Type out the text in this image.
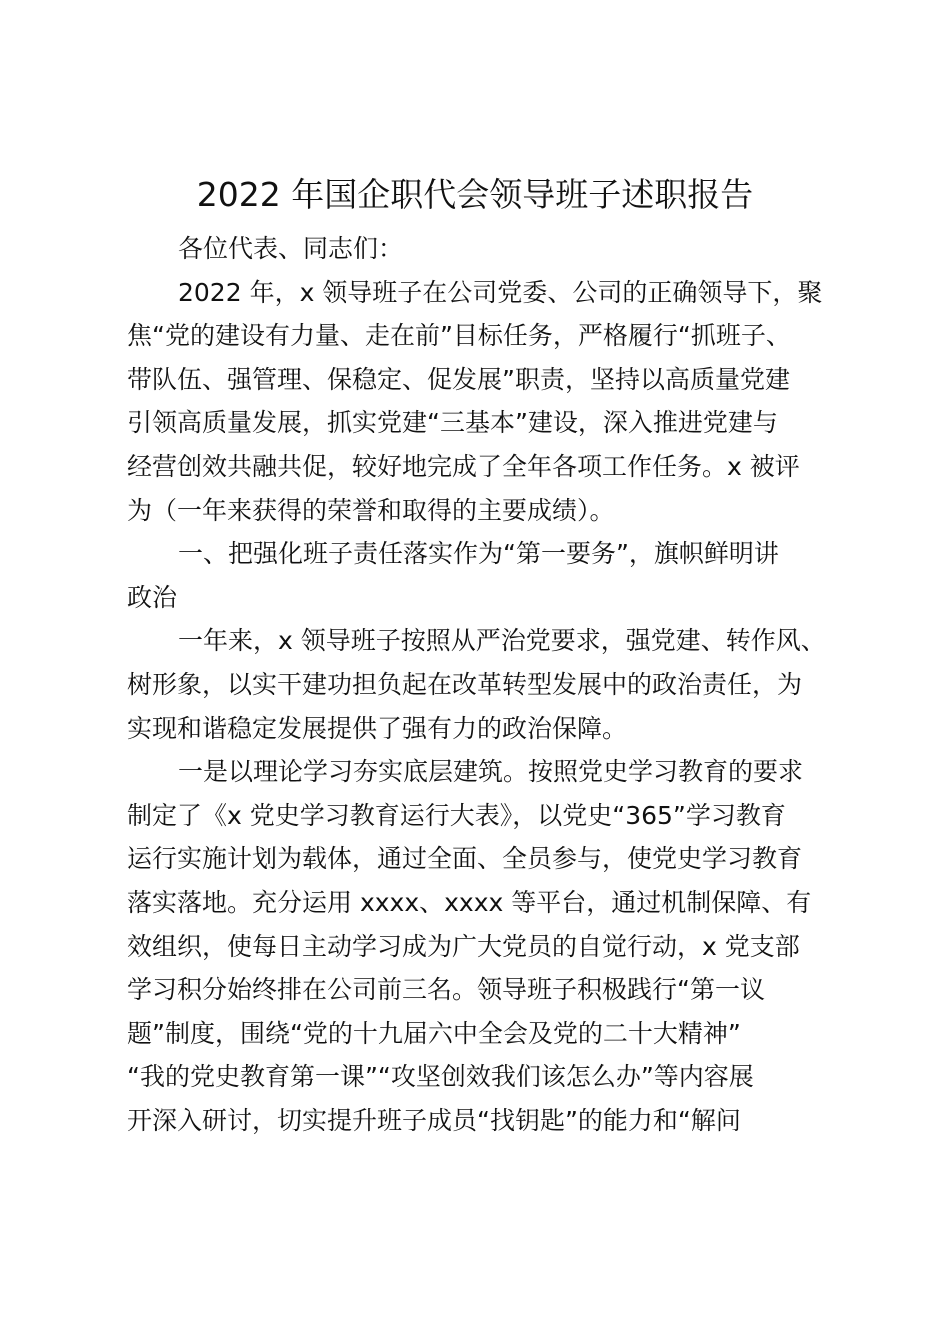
2022 年国企职代会领导班子述职报告
各位代表、同志们：
2022 年，x 领导班子在公司党委、公司的正确领导下，聚
焦“党的建设有力量、走在前”目标任务，严格履行“抓班子、
带队伍、强管理、保稳定、促发展”职责，坚持以高质量党建
引领高质量发展，抓实党建“三基本”建设，深入推进党建与
经营创效共融共促，较好地完成了全年各项工作任务。x 被评
为（一年来获得的荣誉和取得的主要成绩）。
一、把强化班子责任落实作为“第一要务”，旗帜鲜明讲
政治
一年来，x 领导班子按照从严治党要求，强党建、转作风、
树形象，以实干建功担负起在改革转型发展中的政治责任，为
实现和谐稳定发展提供了强有力的政治保障。
一是以理论学习夯实底层建筑。按照党史学习教育的要求
制定了《x 党史学习教育运行大表》，以党史“365”学习教育
运行实施计划为载体，通过全面、全员参与，使党史学习教育
落实落地。充分运用 xxxx、xxxx 等平台，通过机制保障、有
效组织，使每日主动学习成为广大党员的自觉行动，x 党支部
学习积分始终排在公司前三名。领导班子积极践行“第一议
题”制度，围绕“党的十九届六中全会及党的二十大精神”
“我的党史教育第一课”“攻坚创效我们该怎么办”等内容展
开深入研讨，切实提升班子成员“找钥匙”的能力和“解问
